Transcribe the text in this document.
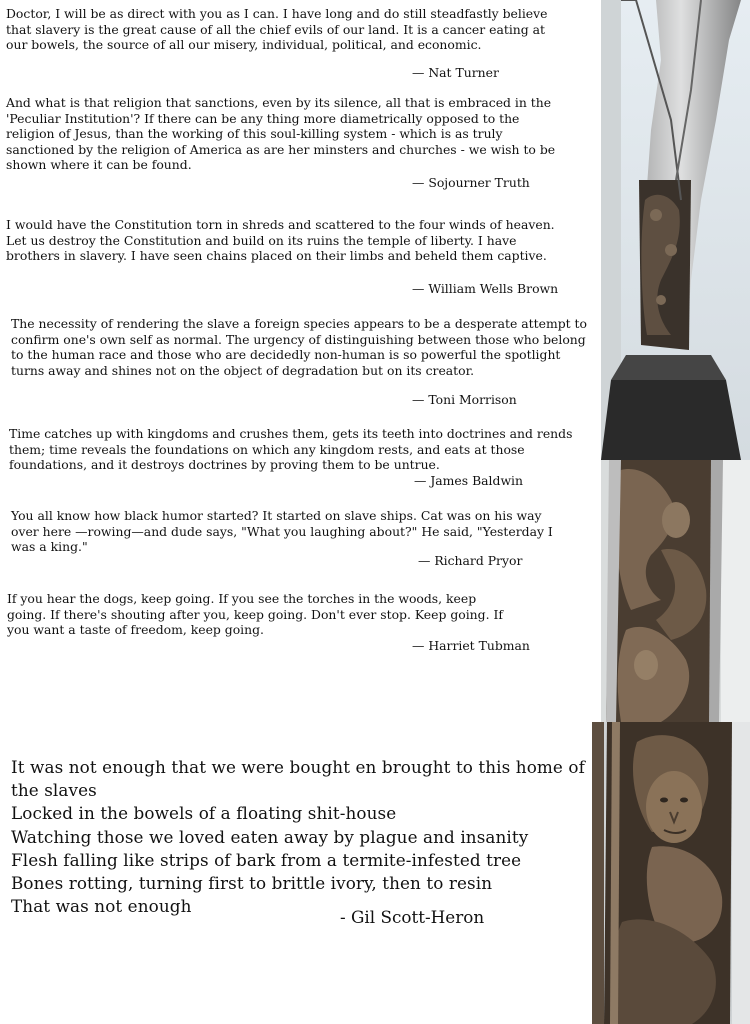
Doctor, I will be as direct with you as I can. I have long and do still steadfastly believe that slavery is the great cause of all the chief evils of our land. It is a cancer eating at our bowels, the source of all our misery, individual, political, and economic.

— Nat Turner

And what is that religion that sanctions, even by its silence, all that is embraced in the 'Peculiar Institution'? If there can be any thing more diametrically opposed to the religion of Jesus, than the working of this soul-killing system - which is as truly sanctioned by the religion of America as are her minsters and churches - we wish to be shown where it can be found.

— Sojourner Truth

I would have the Constitution torn in shreds and scattered to the four winds of heaven. Let us destroy the Constitution and build on its ruins the temple of liberty. I have brothers in slavery. I have seen chains placed on their limbs and beheld them captive.

— William Wells Brown

The necessity of rendering the slave a foreign species appears to be a desperate attempt to confirm one's own self as normal. The urgency of distinguishing between those who belong to the human race and those who are decidedly non-human is so powerful the spotlight turns away and shines not on the object of degradation but on its creator.

— Toni Morrison

Time catches up with kingdoms and crushes them, gets its teeth into doctrines and rends them; time reveals the foundations on which any kingdom rests, and eats at those foundations, and it destroys doctrines by proving them to be untrue.

— James Baldwin

You all know how black humor started? It started on slave ships. Cat was on his way over here —rowing—and dude says, "What you laughing about?" He said, "Yesterday I was a king."

— Richard Pryor

If you hear the dogs, keep going. If you see the torches in the woods, keep going. If there's shouting after you, keep going. Don't ever stop. Keep going. If you want a taste of freedom, keep going.

— Harriet Tubman
It was not enough that we were bought en brought to this home of the slaves
Locked in the bowels of a floating shit-house
Watching those we loved eaten away by plague and insanity
Flesh falling like strips of bark from a termite-infested tree
Bones rotting, turning first to brittle ivory, then to resin
That was not enough
- Gil Scott-Heron
